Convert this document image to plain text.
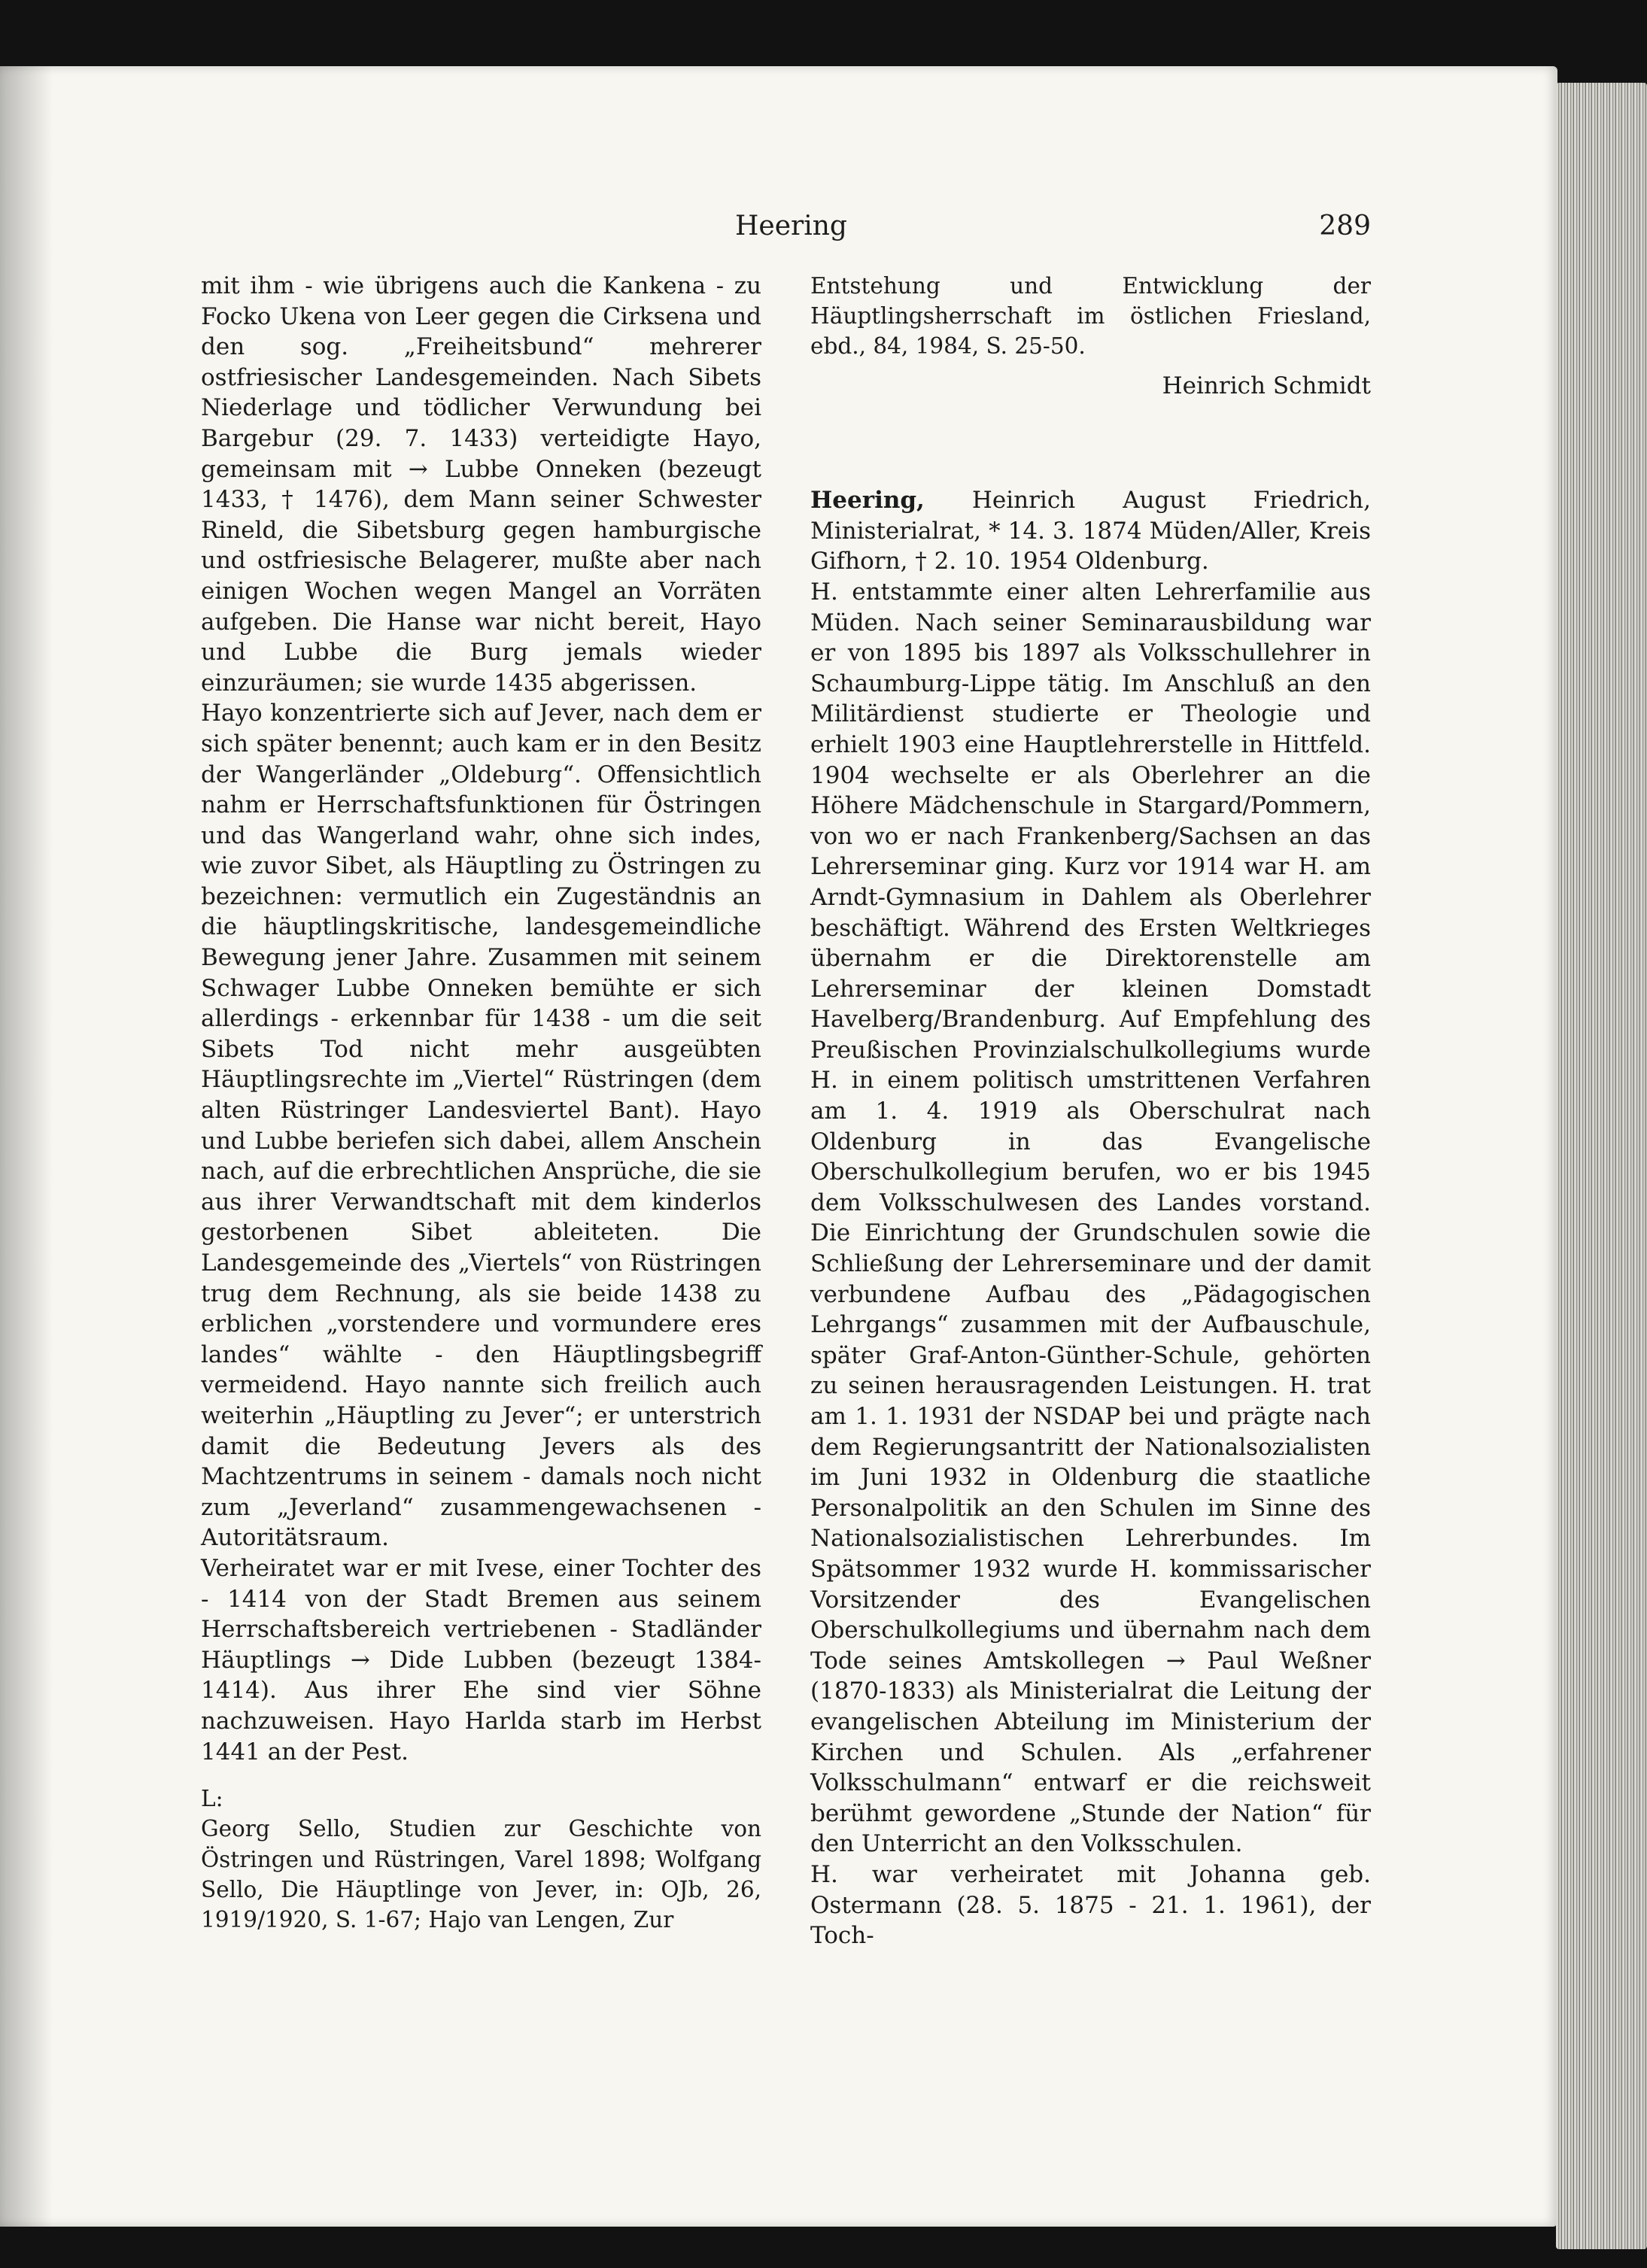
Heering	289

mit ihm - wie übrigens auch die Kankena - zu Focko Ukena von Leer gegen die Cirksena und den sog. „Freiheitsbund“ mehrerer ostfriesischer Landesgemeinden. Nach Sibets Niederlage und tödlicher Verwundung bei Bargebur (29. 7. 1433) verteidigte Hayo, gemeinsam mit → Lubbe Onneken (bezeugt 1433, † 1476), dem Mann seiner Schwester Rineld, die Sibetsburg gegen hamburgische und ostfriesische Belagerer, mußte aber nach einigen Wochen wegen Mangel an Vorräten aufgeben. Die Hanse war nicht bereit, Hayo und Lubbe die Burg jemals wieder einzuräumen; sie wurde 1435 abgerissen.

Hayo konzentrierte sich auf Jever, nach dem er sich später benennt; auch kam er in den Besitz der Wangerländer „Oldeburg“. Offensichtlich nahm er Herrschaftsfunktionen für Östringen und das Wangerland wahr, ohne sich indes, wie zuvor Sibet, als Häuptling zu Östringen zu bezeichnen: vermutlich ein Zugeständnis an die häuptlingskritische, landesgemeindliche Bewegung jener Jahre. Zusammen mit seinem Schwager Lubbe Onneken bemühte er sich allerdings - erkennbar für 1438 - um die seit Sibets Tod nicht mehr ausgeübten Häuptlingsrechte im „Viertel“ Rüstringen (dem alten Rüstringer Landesviertel Bant). Hayo und Lubbe beriefen sich dabei, allem Anschein nach, auf die erbrechtlichen Ansprüche, die sie aus ihrer Verwandtschaft mit dem kinderlos gestorbenen Sibet ableiteten. Die Landesgemeinde des „Viertels“ von Rüstringen trug dem Rechnung, als sie beide 1438 zu erblichen „vorstendere und vormundere eres landes“ wählte - den Häuptlingsbegriff vermeidend. Hayo nannte sich freilich auch weiterhin „Häuptling zu Jever“; er unterstrich damit die Bedeutung Jevers als des Machtzentrums in seinem - damals noch nicht zum „Jeverland“ zusammengewachsenen - Autoritätsraum.

Verheiratet war er mit Ivese, einer Tochter des - 1414 von der Stadt Bremen aus seinem Herrschaftsbereich vertriebenen - Stadländer Häuptlings → Dide Lubben (bezeugt 1384-1414). Aus ihrer Ehe sind vier Söhne nachzuweisen. Hayo Harlda starb im Herbst 1441 an der Pest.

L:

Georg Sello, Studien zur Geschichte von Östringen und Rüstringen, Varel 1898; Wolfgang Sello, Die Häuptlinge von Jever, in: OJb, 26, 1919/1920, S. 1-67; Hajo van Lengen, Zur

Entstehung und Entwicklung der Häuptlingsherrschaft im östlichen Friesland, ebd., 84, 1984, S. 25-50.

Heinrich Schmidt

Heering, Heinrich August Friedrich, Ministerialrat, * 14. 3. 1874 Müden/Aller, Kreis Gifhorn, † 2. 10. 1954 Oldenburg.

H. entstammte einer alten Lehrerfamilie aus Müden. Nach seiner Seminarausbildung war er von 1895 bis 1897 als Volksschullehrer in Schaumburg-Lippe tätig. Im Anschluß an den Militärdienst studierte er Theologie und erhielt 1903 eine Hauptlehrerstelle in Hittfeld. 1904 wechselte er als Oberlehrer an die Höhere Mädchenschule in Stargard/Pommern, von wo er nach Frankenberg/Sachsen an das Lehrerseminar ging. Kurz vor 1914 war H. am Arndt-Gymnasium in Dahlem als Oberlehrer beschäftigt. Während des Ersten Weltkrieges übernahm er die Direktorenstelle am Lehrerseminar der kleinen Domstadt Havelberg/Brandenburg. Auf Empfehlung des Preußischen Provinzialschulkollegiums wurde H. in einem politisch umstrittenen Verfahren am 1. 4. 1919 als Oberschulrat nach Oldenburg in das Evangelische Oberschulkollegium berufen, wo er bis 1945 dem Volksschulwesen des Landes vorstand. Die Einrichtung der Grundschulen sowie die Schließung der Lehrerseminare und der damit verbundene Aufbau des „Pädagogischen Lehrgangs“ zusammen mit der Aufbauschule, später Graf-Anton-Günther-Schule, gehörten zu seinen herausragenden Leistungen. H. trat am 1. 1. 1931 der NSDAP bei und prägte nach dem Regierungsantritt der Nationalsozialisten im Juni 1932 in Oldenburg die staatliche Personalpolitik an den Schulen im Sinne des Nationalsozialistischen Lehrerbundes. Im Spätsommer 1932 wurde H. kommissarischer Vorsitzender des Evangelischen Oberschulkollegiums und übernahm nach dem Tode seines Amtskollegen → Paul Weßner (1870-1833) als Ministerialrat die Leitung der evangelischen Abteilung im Ministerium der Kirchen und Schulen. Als „erfahrener Volksschulmann“ entwarf er die reichsweit berühmt gewordene „Stunde der Nation“ für den Unterricht an den Volksschulen.

H. war verheiratet mit Johanna geb. Ostermann (28. 5. 1875 - 21. 1. 1961), der Toch-
